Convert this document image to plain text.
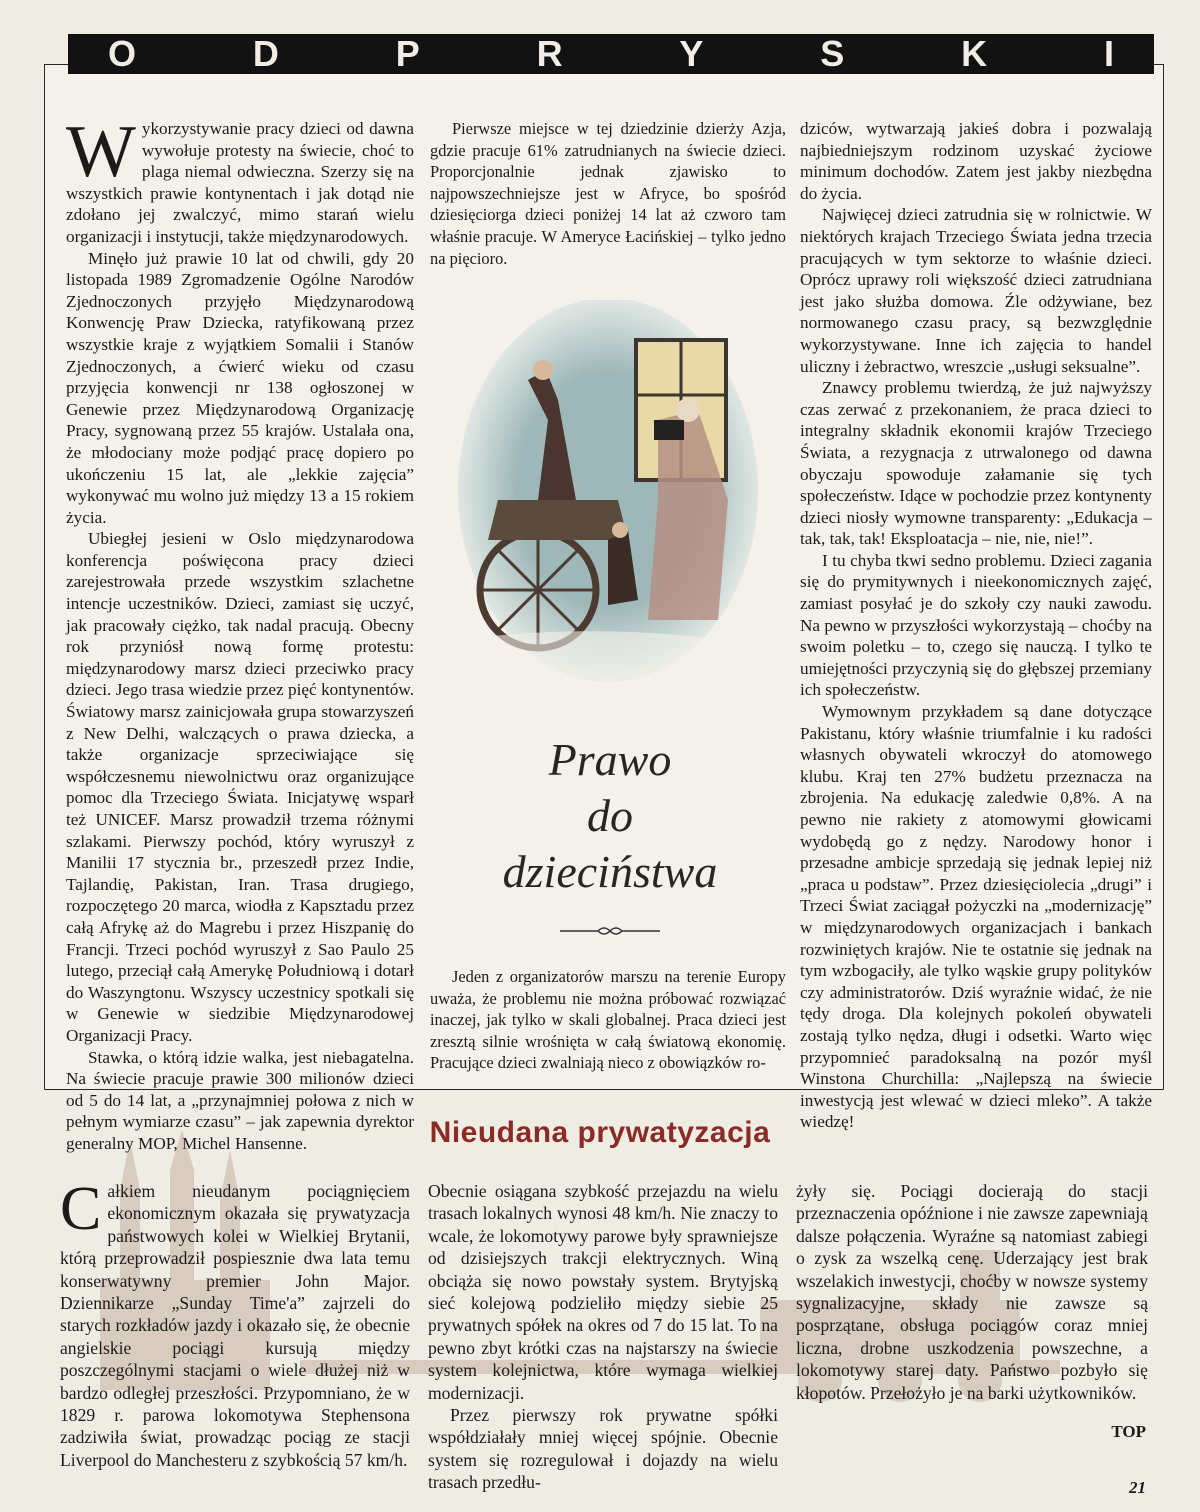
O	D	P	R	Y	S	K	I

Wykorzystywanie pracy dzieci od dawna wywołuje protesty na świecie, choć to plaga niemal odwieczna. Szerzy się na wszystkich prawie kontynentach i jak dotąd nie zdołano jej zwalczyć, mimo starań wielu organizacji i instytucji, także międzynarodowych.

Minęło już prawie 10 lat od chwili, gdy 20 listopada 1989 Zgromadzenie Ogólne Narodów Zjednoczonych przyjęło Międzynarodową Konwencję Praw Dziecka, ratyfikowaną przez wszystkie kraje z wyjątkiem Somalii i Stanów Zjednoczonych, a ćwierć wieku od czasu przyjęcia konwencji nr 138 ogłoszonej w Genewie przez Międzynarodową Organizację Pracy, sygnowaną przez 55 krajów. Ustalała ona, że młodociany może podjąć pracę dopiero po ukończeniu 15 lat, ale „lekkie zajęcia” wykonywać mu wolno już między 13 a 15 rokiem życia.

Ubiegłej jesieni w Oslo międzynarodowa konferencja poświęcona pracy dzieci zarejestrowała przede wszystkim szlachetne intencje uczestników. Dzieci, zamiast się uczyć, jak pracowały ciężko, tak nadal pracują. Obecny rok przyniósł nową formę protestu: międzynarodowy marsz dzieci przeciwko pracy dzieci. Jego trasa wiedzie przez pięć kontynentów. Światowy marsz zainicjowała grupa stowarzyszeń z New Delhi, walczących o prawa dziecka, a także organizacje sprzeciwiające się współczesnemu niewolnictwu oraz organizujące pomoc dla Trzeciego Świata. Inicjatywę wsparł też UNICEF. Marsz prowadził trzema różnymi szlakami. Pierwszy pochód, który wyruszył z Manilii 17 stycznia br., przeszedł przez Indie, Tajlandię, Pakistan, Iran. Trasa drugiego, rozpoczętego 20 marca, wiodła z Kapsztadu przez całą Afrykę aż do Magrebu i przez Hiszpanię do Francji. Trzeci pochód wyruszył z Sao Paulo 25 lutego, przeciął całą Amerykę Południową i dotarł do Waszyngtonu. Wszyscy uczestnicy spotkali się w Genewie w siedzibie Międzynarodowej Organizacji Pracy.

Stawka, o którą idzie walka, jest niebagatelna. Na świecie pracuje prawie 300 milionów dzieci od 5 do 14 lat, a „przynajmniej połowa z nich w pełnym wymiarze czasu” – jak zapewnia dyrektor generalny MOP, Michel Hansenne.

Pierwsze miejsce w tej dziedzinie dzierży Azja, gdzie pracuje 61% zatrudnianych na świecie dzieci. Proporcjonalnie jednak zjawisko to najpowszechniejsze jest w Afryce, bo spośród dziesięciorga dzieci poniżej 14 lat aż czworo tam właśnie pracuje. W Ameryce Łacińskiej – tylko jedno na pięcioro.

Prawo
do
dzieciństwa

Jeden z organizatorów marszu na terenie Europy uważa, że problemu nie można próbować rozwiązać inaczej, jak tylko w skali globalnej. Praca dzieci jest zresztą silnie wrośnięta w całą światową ekonomię. Pracujące dzieci zwalniają nieco z obowiązków ro-

dziców, wytwarzają jakieś dobra i pozwalają najbiedniejszym rodzinom uzyskać życiowe minimum dochodów. Zatem jest jakby niezbędna do życia.

Najwięcej dzieci zatrudnia się w rolnictwie. W niektórych krajach Trzeciego Świata jedna trzecia pracujących w tym sektorze to właśnie dzieci. Oprócz uprawy roli większość dzieci zatrudniana jest jako służba domowa. Źle odżywiane, bez normowanego czasu pracy, są bezwzględnie wykorzystywane. Inne ich zajęcia to handel uliczny i żebractwo, wreszcie „usługi seksualne”.

Znawcy problemu twierdzą, że już najwyższy czas zerwać z przekonaniem, że praca dzieci to integralny składnik ekonomii krajów Trzeciego Świata, a rezygnacja z utrwalonego od dawna obyczaju spowoduje załamanie się tych społeczeństw. Idące w pochodzie przez kontynenty dzieci niosły wymowne transparenty: „Edukacja – tak, tak, tak! Eksploatacja – nie, nie, nie!”.

I tu chyba tkwi sedno problemu. Dzieci zagania się do prymitywnych i nieekonomicznych zajęć, zamiast posyłać je do szkoły czy nauki zawodu. Na pewno w przyszłości wykorzystają – choćby na swoim poletku – to, czego się nauczą. I tylko te umiejętności przyczynią się do głębszej przemiany ich społeczeństw.

Wymownym przykładem są dane dotyczące Pakistanu, który właśnie triumfalnie i ku radości własnych obywateli wkroczył do atomowego klubu. Kraj ten 27% budżetu przeznacza na zbrojenia. Na edukację zaledwie 0,8%. A na pewno nie rakiety z atomowymi głowicami wydobędą go z nędzy. Narodowy honor i przesadne ambicje sprzedają się jednak lepiej niż „praca u podstaw”. Przez dziesięciolecia „drugi” i Trzeci Świat zaciągał pożyczki na „modernizację” w międzynarodowych organizacjach i bankach rozwiniętych krajów. Nie te ostatnie się jednak na tym wzbogaciły, ale tylko wąskie grupy polityków czy administratorów. Dziś wyraźnie widać, że nie tędy droga. Dla kolejnych pokoleń obywateli zostają tylko nędza, długi i odsetki. Warto więc przypomnieć paradoksalną na pozór myśl Winstona Churchilla: „Najlepszą na świecie inwestycją jest wlewać w dzieci mleko”. A także wiedzę!

Nieudana prywatyzacja

Całkiem nieudanym pociągnięciem ekonomicznym okazała się prywatyzacja państwowych kolei w Wielkiej Brytanii, którą przeprowadził pospiesznie dwa lata temu konserwatywny premier John Major. Dziennikarze „Sunday Time'a” zajrzeli do starych rozkładów jazdy i okazało się, że obecnie angielskie pociągi kursują między poszczególnymi stacjami o wiele dłużej niż w bardzo odległej przeszłości. Przypomniano, że w 1829 r. parowa lokomotywa Stephensona zadziwiła świat, prowadząc pociąg ze stacji Liverpool do Manchesteru z szybkością 57 km/h.

Obecnie osiągana szybkość przejazdu na wielu trasach lokalnych wynosi 48 km/h. Nie znaczy to wcale, że lokomotywy parowe były sprawniejsze od dzisiejszych trakcji elektrycznych. Winą obciąża się nowo powstały system. Brytyjską sieć kolejową podzieliło między siebie 25 prywatnych spółek na okres od 7 do 15 lat. To na pewno zbyt krótki czas na najstarszy na świecie system kolejnictwa, które wymaga wielkiej modernizacji.

Przez pierwszy rok prywatne spółki współdziałały mniej więcej spójnie. Obecnie system się rozregulował i dojazdy na wielu trasach przedłu-

żyły się. Pociągi docierają do stacji przeznaczenia opóźnione i nie zawsze zapewniają dalsze połączenia. Wyraźne są natomiast zabiegi o zysk za wszelką cenę. Uderzający jest brak wszelakich inwestycji, choćby w nowsze systemy sygnalizacyjne, składy nie zawsze są posprzątane, obsługa pociągów coraz mniej liczna, drobne uszkodzenia powszechne, a lokomotywy starej daty. Państwo pozbyło się kłopotów. Przełożyło je na barki użytkowników.

TOP
21
